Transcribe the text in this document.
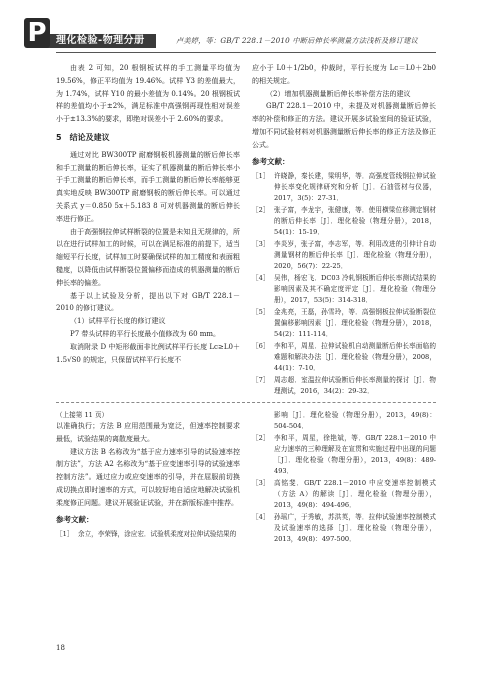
P 理化检验-物理分册	卢美婷，等：GB/T 228.1－2010 中断后伸长率测量方法浅析及修订建议

由表 2 可知，20 根钢板试样的手工测量平均值为 19.56%，修正平均值为 19.46%。试样 Y3 的差值最大，为 1.74%，试样 Y10 的最小差值为 0.14%。20 根钢板试样的差值均小于±2%，满足标准中高强钢再现性相对误差小于±13.3%的要求，即绝对误差小于 2.60%的要求。

5　结论及建议

通过对比 BW300TP 耐磨钢板机器测量的断后伸长率和手工测量的断后伸长率，证实了机器测量的断后伸长率小于手工测量的断后伸长率，而手工测量的断后伸长率能够更真实地反映 BW300TP 耐磨钢板的断后伸长率。可以通过关系式 y＝0.850 5x＋5.183 8 可对机器测量的断后伸长率进行修正。

由于高强钢拉伸试样断裂的位置是未知且无规律的，所以在进行试样加工的时候，可以在满足标准的前提下，适当缩短平行长度，试样加工时要确保试样的加工精度和表面粗糙度，以降低由试样断裂位置偏移而造成的机器测量的断后伸长率的偏差。

基于以上试验及分析，提出以下对 GB/T 228.1－2010 的修订建议。

（1）试样平行长度的修订建议

P7 带头试样的平行长度最小值修改为 60 mm。

取消附录 D 中矩形截面非比例试样平行长度 Lc≥L0＋1.5√S0 的规定，只保留试样平行长度不

应小于 L0＋1/2b0，仲裁时，平行长度为 Lc＝L0＋2b0 的相关规定。

（2）增加机器测量断后伸长率补偿方法的建议

GB/T 228.1－2010 中，未提及对机器测量断后伸长率的补偿和修正的方法。建议开展多试验室间的验证试验，增加不同试验材料对机器测量断后伸长率的修正方法及修正公式。

参考文献：
［1］ 许晓静，秦长建，梁明华，等．高强度管线钢拉伸试验伸长率变化规律研究和分析［J］．石油管材与仪器，2017，3(5)：27-31．
［2］ 张子富，李龙宇，张健康，等．使用横梁位移测定钢材的断后伸长率［J］．理化检验（物理分册），2018，54(1)：15-19．
［3］ 李炎岁，张子富，李志军，等．利用改进的引伸计自动测量钢材的断后伸长率［J］．理化检验（物理分册），2020，56(7)：22-25．
［4］ 吴伟，杨宏飞．DC03 冷轧钢板断后伸长率测试结果的影响因素及其不确定度评定［J］．理化检验（物理分册），2017，53(5)：314-318．
［5］ 金兆亮，王磊，孙雪玲，等．高强钢板拉伸试验断裂位置偏移影响因素［J］．理化检验（物理分册），2018，54(2)：111-114．
［6］ 李和平，周星．拉伸试验机自动测量断后伸长率面临的难题和解决办法［J］．理化检验（物理分册），2008，44(1)：7-10．
［7］ 周志超．室温拉伸试验断后伸长率测量的探讨［J］．物理测试，2016，34(2)：29-32．
（上接第 11 页）

以准确执行；方法 B 应用范围最为宽泛，但速率控制要求最低，试验结果的离散度最大。

建议方法 B 名称改为“基于应力速率引导的试验速率控制方法”，方法 A2 名称改为“基于应变速率引导的试验速率控制方法”。通过应力或应变速率的引导，并在屈服前切换成切换点即时速率的方式，可以较好地自适应地解决试验机柔度修正问题。建议开展验证试验，并在新版标准中推荐。

参考文献：
［1］ 余立，李荣锋，涂应宏．试验机柔度对拉伸试验结果的
影响［J］．理化检验（物理分册），2013，49(8)：504-504．
［2］ 李和平，周星，徐艳斌，等．GB/T 228.1－2010 中应力速率的三种理解及在宣贯和实施过程中出现的问题［J］．理化检验（物理分册），2013，49(8)：489-493．
［3］ 高铭斐．GB/T 228.1－2010 中应变速率控制模式（方法 A）的解读［J］．理化检验（物理分册），2013，49(8)：494-496．
［4］ 孙瑶广，于秀敏，苏洪英，等．拉伸试验速率控制模式及试验速率的选择［J］．理化检验（物理分册），2013，49(8)：497-500．
18
